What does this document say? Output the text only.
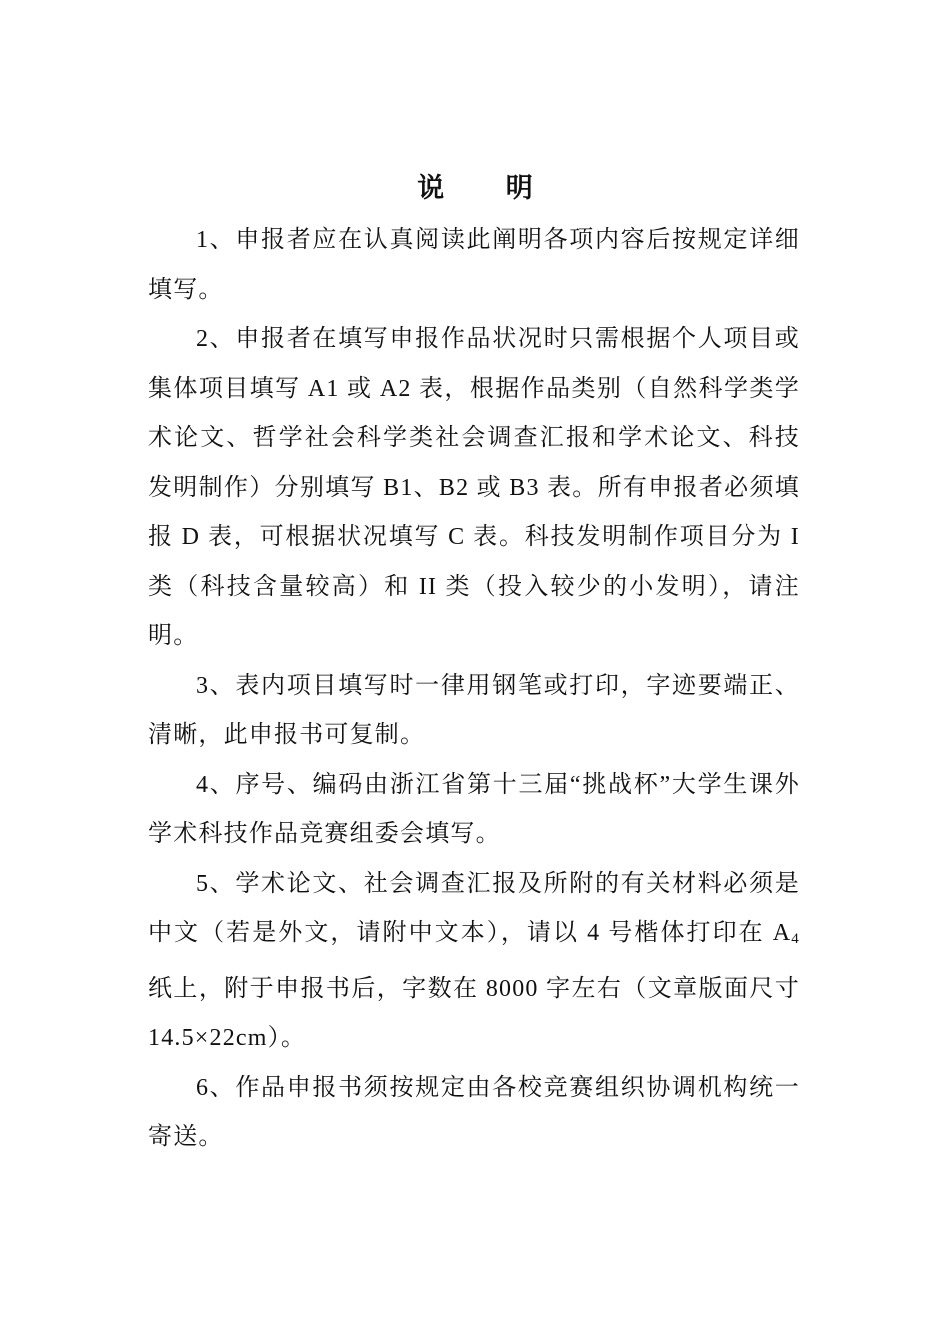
说 明

1、申报者应在认真阅读此阐明各项内容后按规定详细填写。

2、申报者在填写申报作品状况时只需根据个人项目或集体项目填写 A1 或 A2 表，根据作品类别（自然科学类学术论文、哲学社会科学类社会调查汇报和学术论文、科技发明制作）分别填写 B1、B2 或 B3 表。所有申报者必须填报 D 表，可根据状况填写 C 表。科技发明制作项目分为 I 类（科技含量较高）和 II 类（投入较少的小发明），请注明。

3、表内项目填写时一律用钢笔或打印，字迹要端正、清晰，此申报书可复制。

4、序号、编码由浙江省第十三届“挑战杯”大学生课外学术科技作品竞赛组委会填写。

5、学术论文、社会调查汇报及所附的有关材料必须是中文（若是外文，请附中文本），请以 4 号楷体打印在 $A_4$纸上，附于申报书后，字数在 8000 字左右（文章版面尺寸 14.5×22cm）。

6、作品申报书须按规定由各校竞赛组织协调机构统一寄送。
